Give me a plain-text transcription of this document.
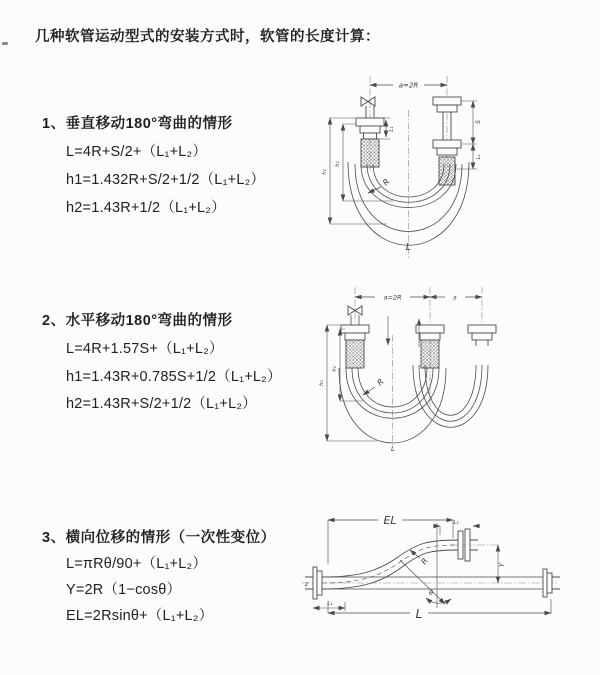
几种软管运动型式的安装方式时，软管的长度计算：
1、垂直移动180°弯曲的情形
L=4R+S/2+（L₁+L₂）
h1=1.432R+S/2+1/2（L₁+L₂）
h2=1.43R+1/2（L₁+L₂）
2、水平移动180°弯曲的情形
L=4R+1.57S+（L₁+L₂）
h1=1.43R+0.785S+1/2（L₁+L₂）
h2=1.43R+S/2+1/2（L₁+L₂）
3、横向位移的情形（一次性变位）
L=πRθ/90+（L₁+L₂）
Y=2R（1−cosθ）
EL=2Rsinθ+（L₁+L₂）
a=2R
L₁
S
L₂
h₁
h₂
R
L
a=2R	s
h₁
h₂
R
L
EL	L₂
Y
R
θ
z
L₁
L
